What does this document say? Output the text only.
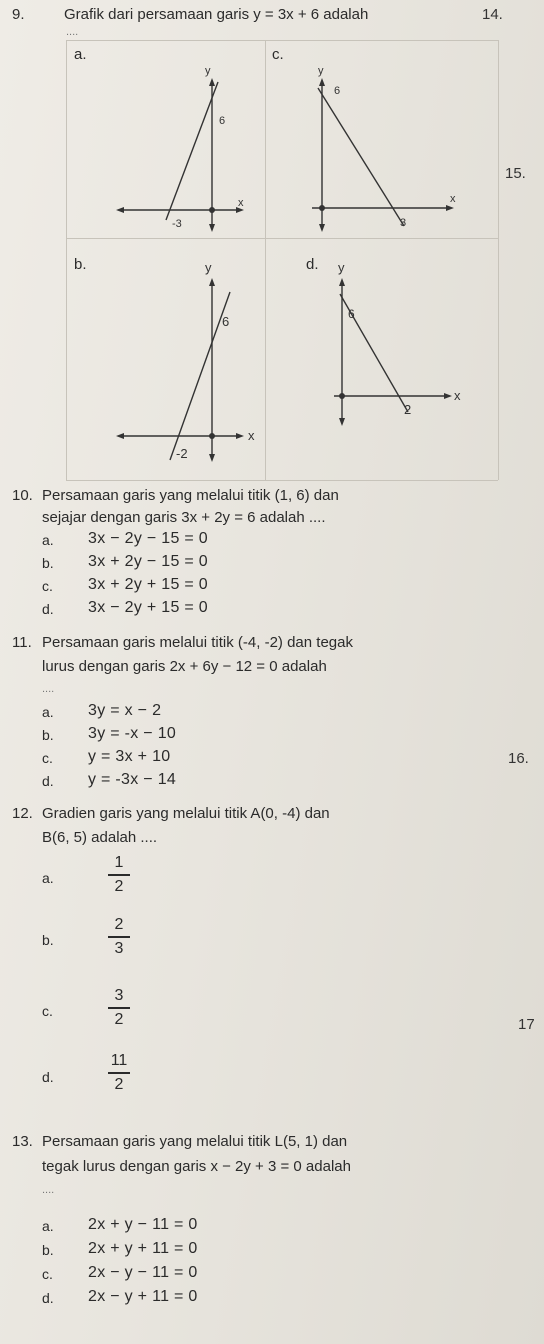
9.	Grafik dari persamaan garis y = 3x + 6 adalah
....
a.
y
6
x
-3
c.
y
6
x
3
b.	y
6
x
-2
d. y
6
x
2
10. Persamaan garis yang melalui titik (1, 6) dan
sejajar dengan garis 3x + 2y = 6 adalah ....
a. 3x − 2y − 15 = 0
b. 3x + 2y − 15 = 0
c. 3x + 2y + 15 = 0
d. 3x − 2y + 15 = 0
11. Persamaan garis melalui titik (-4, -2) dan tegak
lurus dengan garis 2x + 6y − 12 = 0 adalah
....
a. 3y = x − 2
b. 3y = -x − 10
c. y = 3x + 10
d. y = -3x − 14
12. Gradien garis yang melalui titik A(0, -4) dan
B(6, 5) adalah ....
a.
1
2
b.
2
3
c.
3
2
d.
11
2
13. Persamaan garis yang melalui titik L(5, 1) dan
tegak lurus dengan garis x − 2y + 3 = 0 adalah
....
a. 2x + y − 11 = 0
b. 2x + y + 11 = 0
c. 2x − y − 11 = 0
d. 2x − y + 11 = 0
14.
15.
16.
17
